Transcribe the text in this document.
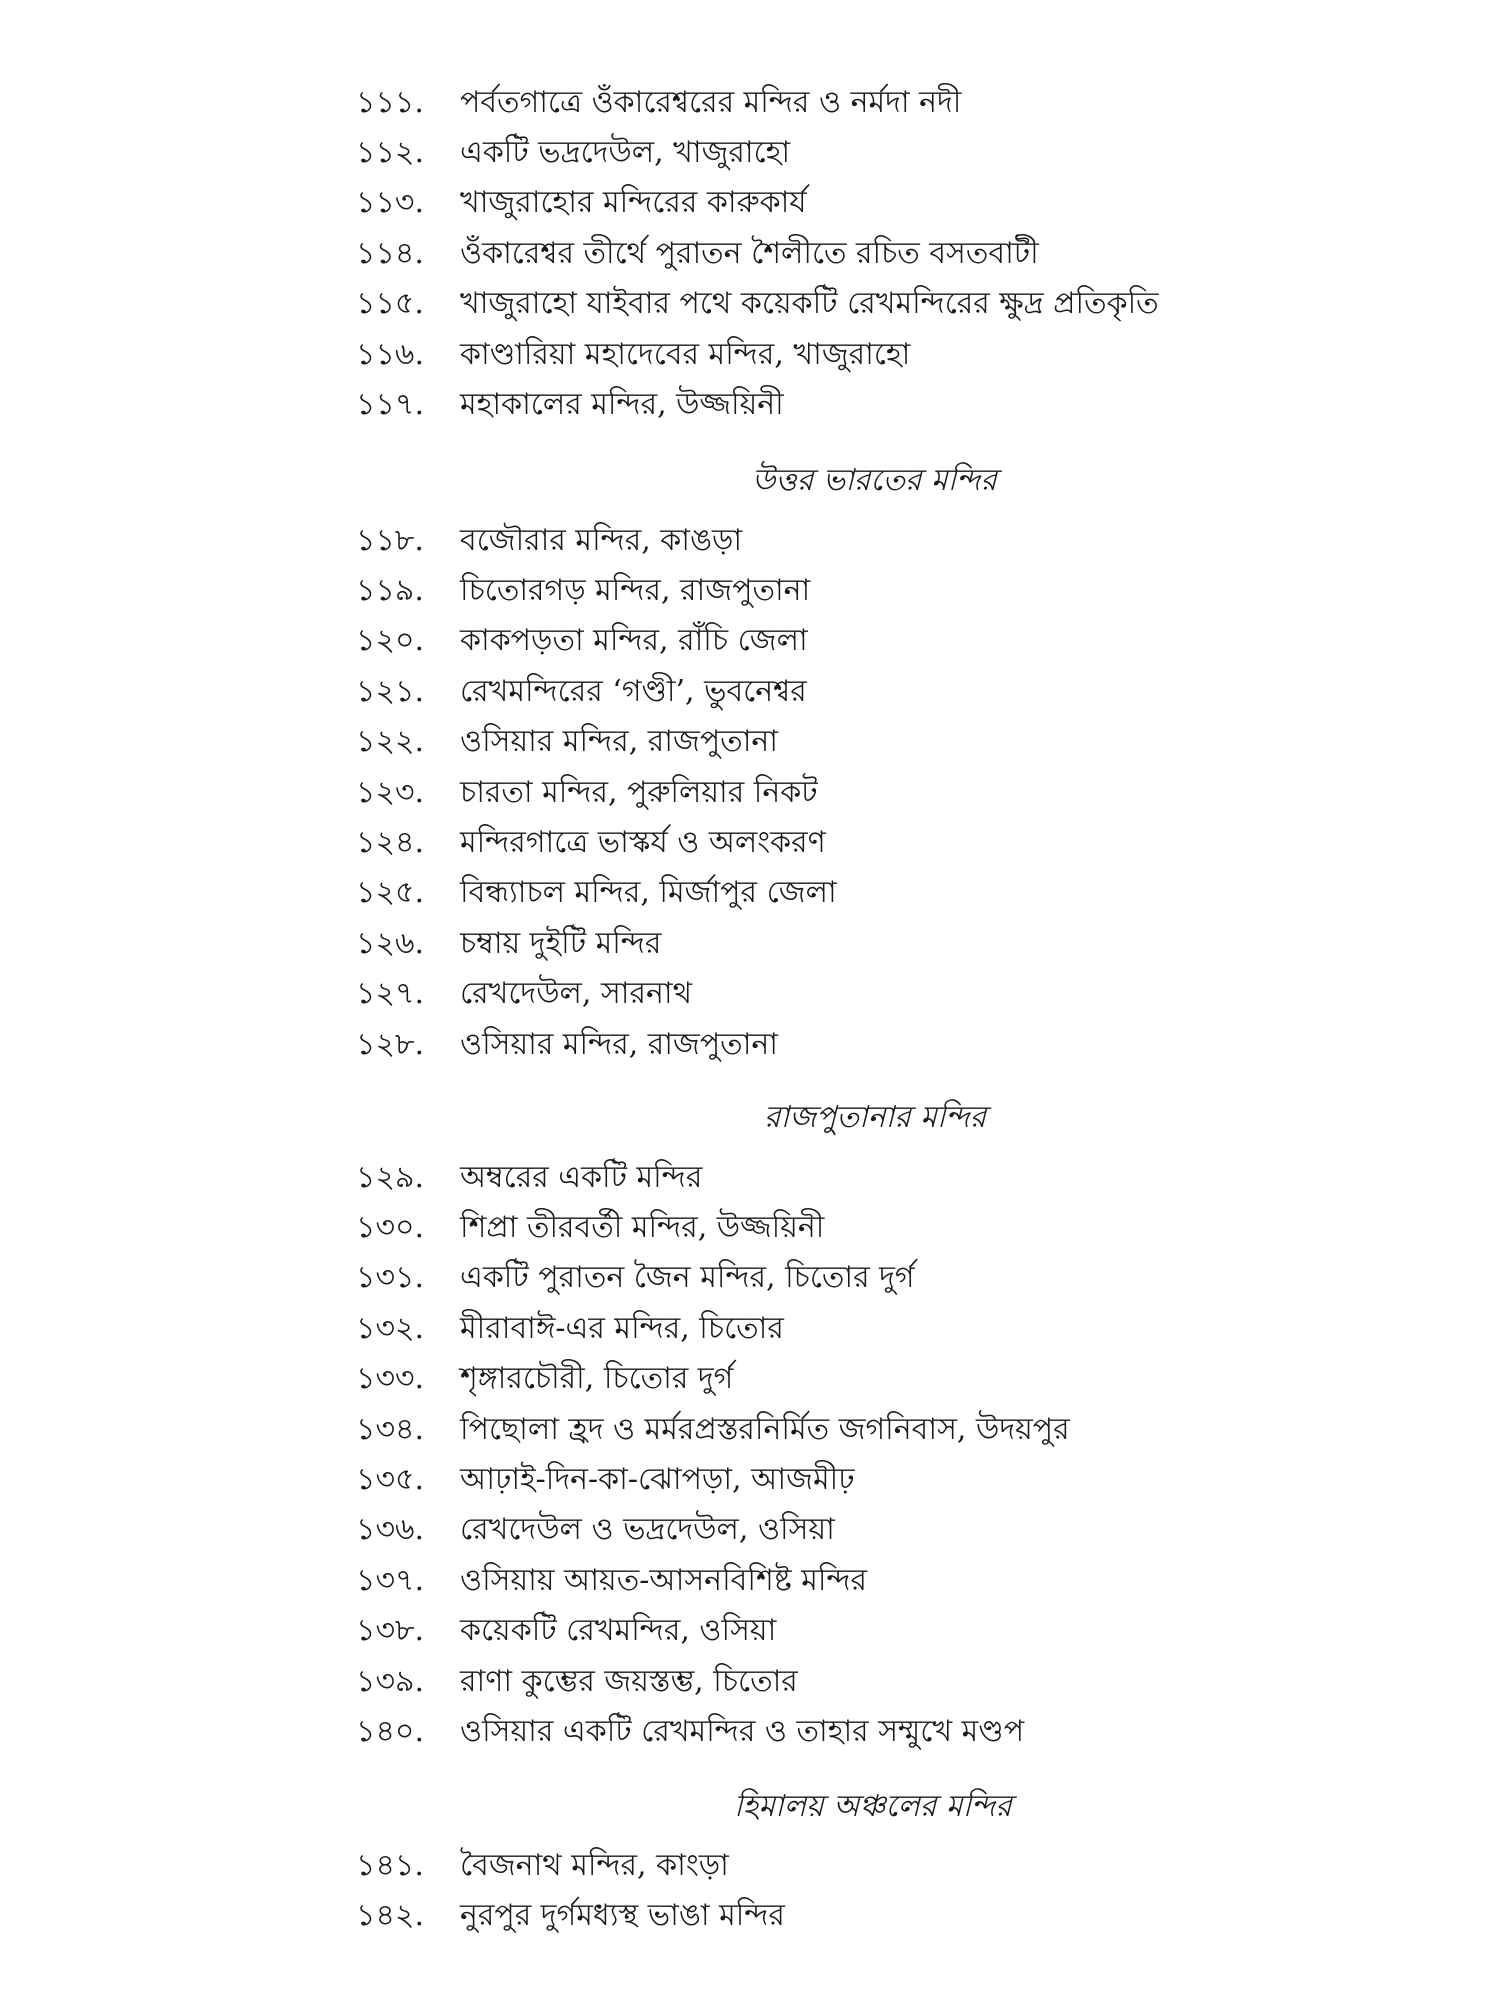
১১১.	পর্বতগাত্রে ওঁকারেশ্বরের মন্দির ও নর্মদা নদী
১১২.	একটি ভদ্রদেউল, খাজুরাহো
১১৩.	খাজুরাহোর মন্দিরের কারুকার্য
১১৪.	ওঁকারেশ্বর তীর্থে পুরাতন শৈলীতে রচিত বসতবাটী
১১৫.	খাজুরাহো যাইবার পথে কয়েকটি রেখমন্দিরের ক্ষুদ্র প্রতিকৃতি
১১৬.	কাণ্ডারিয়া মহাদেবের মন্দির, খাজুরাহো
১১৭.	মহাকালের মন্দির, উজ্জয়িনী
উত্তর ভারতের মন্দির
১১৮.	বজৌরার মন্দির, কাঙড়া
১১৯.	চিতোরগড় মন্দির, রাজপুতানা
১২০.	কাকপড়তা মন্দির, রাঁচি জেলা
১২১.	রেখমন্দিরের ‘গণ্ডী’, ভুবনেশ্বর
১২২.	ওসিয়ার মন্দির, রাজপুতানা
১২৩.	চারতা মন্দির, পুরুলিয়ার নিকট
১২৪.	মন্দিরগাত্রে ভাস্কর্য ও অলংকরণ
১২৫.	বিন্ধ্যাচল মন্দির, মির্জাপুর জেলা
১২৬.	চম্বায় দুইটি মন্দির
১২৭.	রেখদেউল, সারনাথ
১২৮.	ওসিয়ার মন্দির, রাজপুতানা
রাজপুতানার মন্দির
১২৯.	অম্বরের একটি মন্দির
১৩০.	শিপ্রা তীরবর্তী মন্দির, উজ্জয়িনী
১৩১.	একটি পুরাতন জৈন মন্দির, চিতোর দুর্গ
১৩২.	মীরাবাঈ-এর মন্দির, চিতোর
১৩৩.	শৃঙ্গারচৌরী, চিতোর দুর্গ
১৩৪.	পিছোলা হ্রদ ও মর্মরপ্রস্তরনির্মিত জগনিবাস, উদয়পুর
১৩৫.	আঢ়াই-দিন-কা-ঝোপড়া, আজমীঢ়
১৩৬.	রেখদেউল ও ভদ্রদেউল, ওসিয়া
১৩৭.	ওসিয়ায় আয়ত-আসনবিশিষ্ট মন্দির
১৩৮.	কয়েকটি রেখমন্দির, ওসিয়া
১৩৯.	রাণা কুম্ভের জয়স্তম্ভ, চিতোর
১৪০.	ওসিয়ার একটি রেখমন্দির ও তাহার সম্মুখে মণ্ডপ
হিমালয় অঞ্চলের মন্দির
১৪১.	বৈজনাথ মন্দির, কাংড়া
১৪২.	নুরপুর দুর্গমধ্যস্থ ভাঙা মন্দির
